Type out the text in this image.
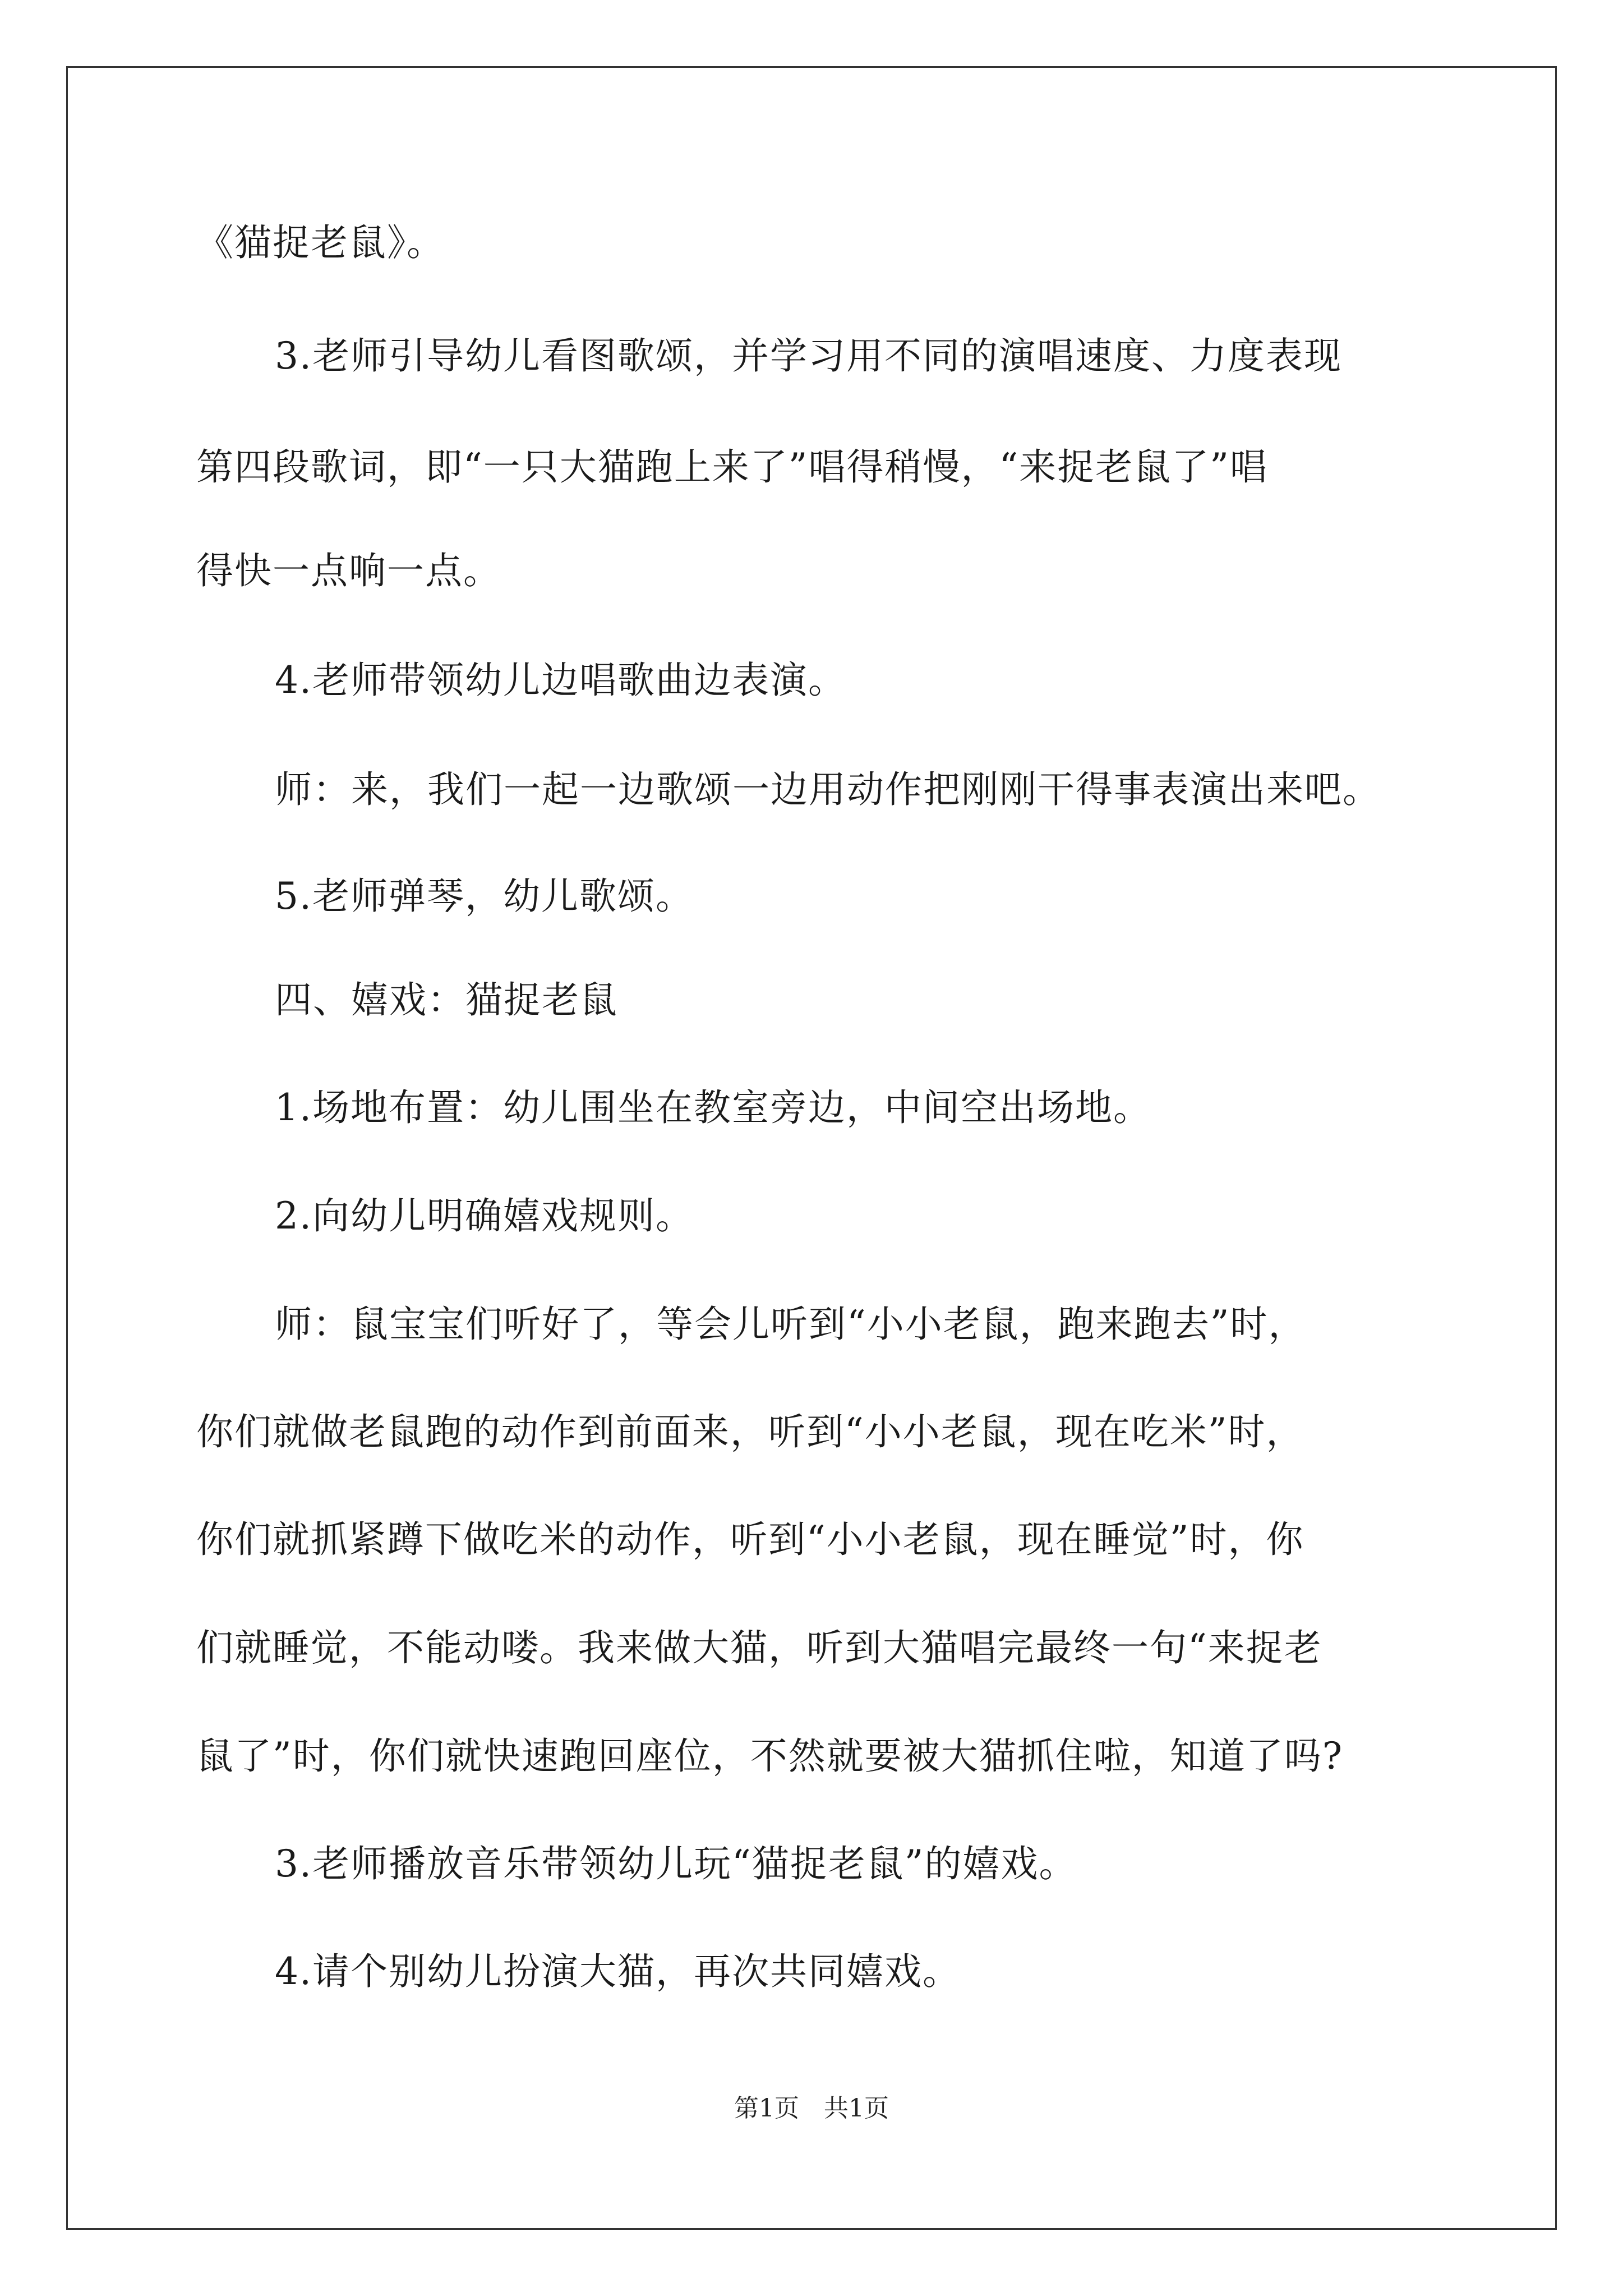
《猫捉老鼠》。
3.老师引导幼儿看图歌颂，并学习用不同的演唱速度、力度表现
第四段歌词，即“一只大猫跑上来了”唱得稍慢，“来捉老鼠了”唱
得快一点响一点。
4.老师带领幼儿边唱歌曲边表演。
师：来，我们一起一边歌颂一边用动作把刚刚干得事表演出来吧。
5.老师弹琴，幼儿歌颂。
四、嬉戏：猫捉老鼠
1.场地布置：幼儿围坐在教室旁边，中间空出场地。
2.向幼儿明确嬉戏规则。
师：鼠宝宝们听好了，等会儿听到“小小老鼠，跑来跑去”时，
你们就做老鼠跑的动作到前面来，听到“小小老鼠，现在吃米”时，
你们就抓紧蹲下做吃米的动作，听到“小小老鼠，现在睡觉”时，你
们就睡觉，不能动喽。我来做大猫，听到大猫唱完最终一句“来捉老
鼠了”时，你们就快速跑回座位，不然就要被大猫抓住啦，知道了吗?
3.老师播放音乐带领幼儿玩“猫捉老鼠”的嬉戏。
4.请个别幼儿扮演大猫，再次共同嬉戏。
第1页　共1页
